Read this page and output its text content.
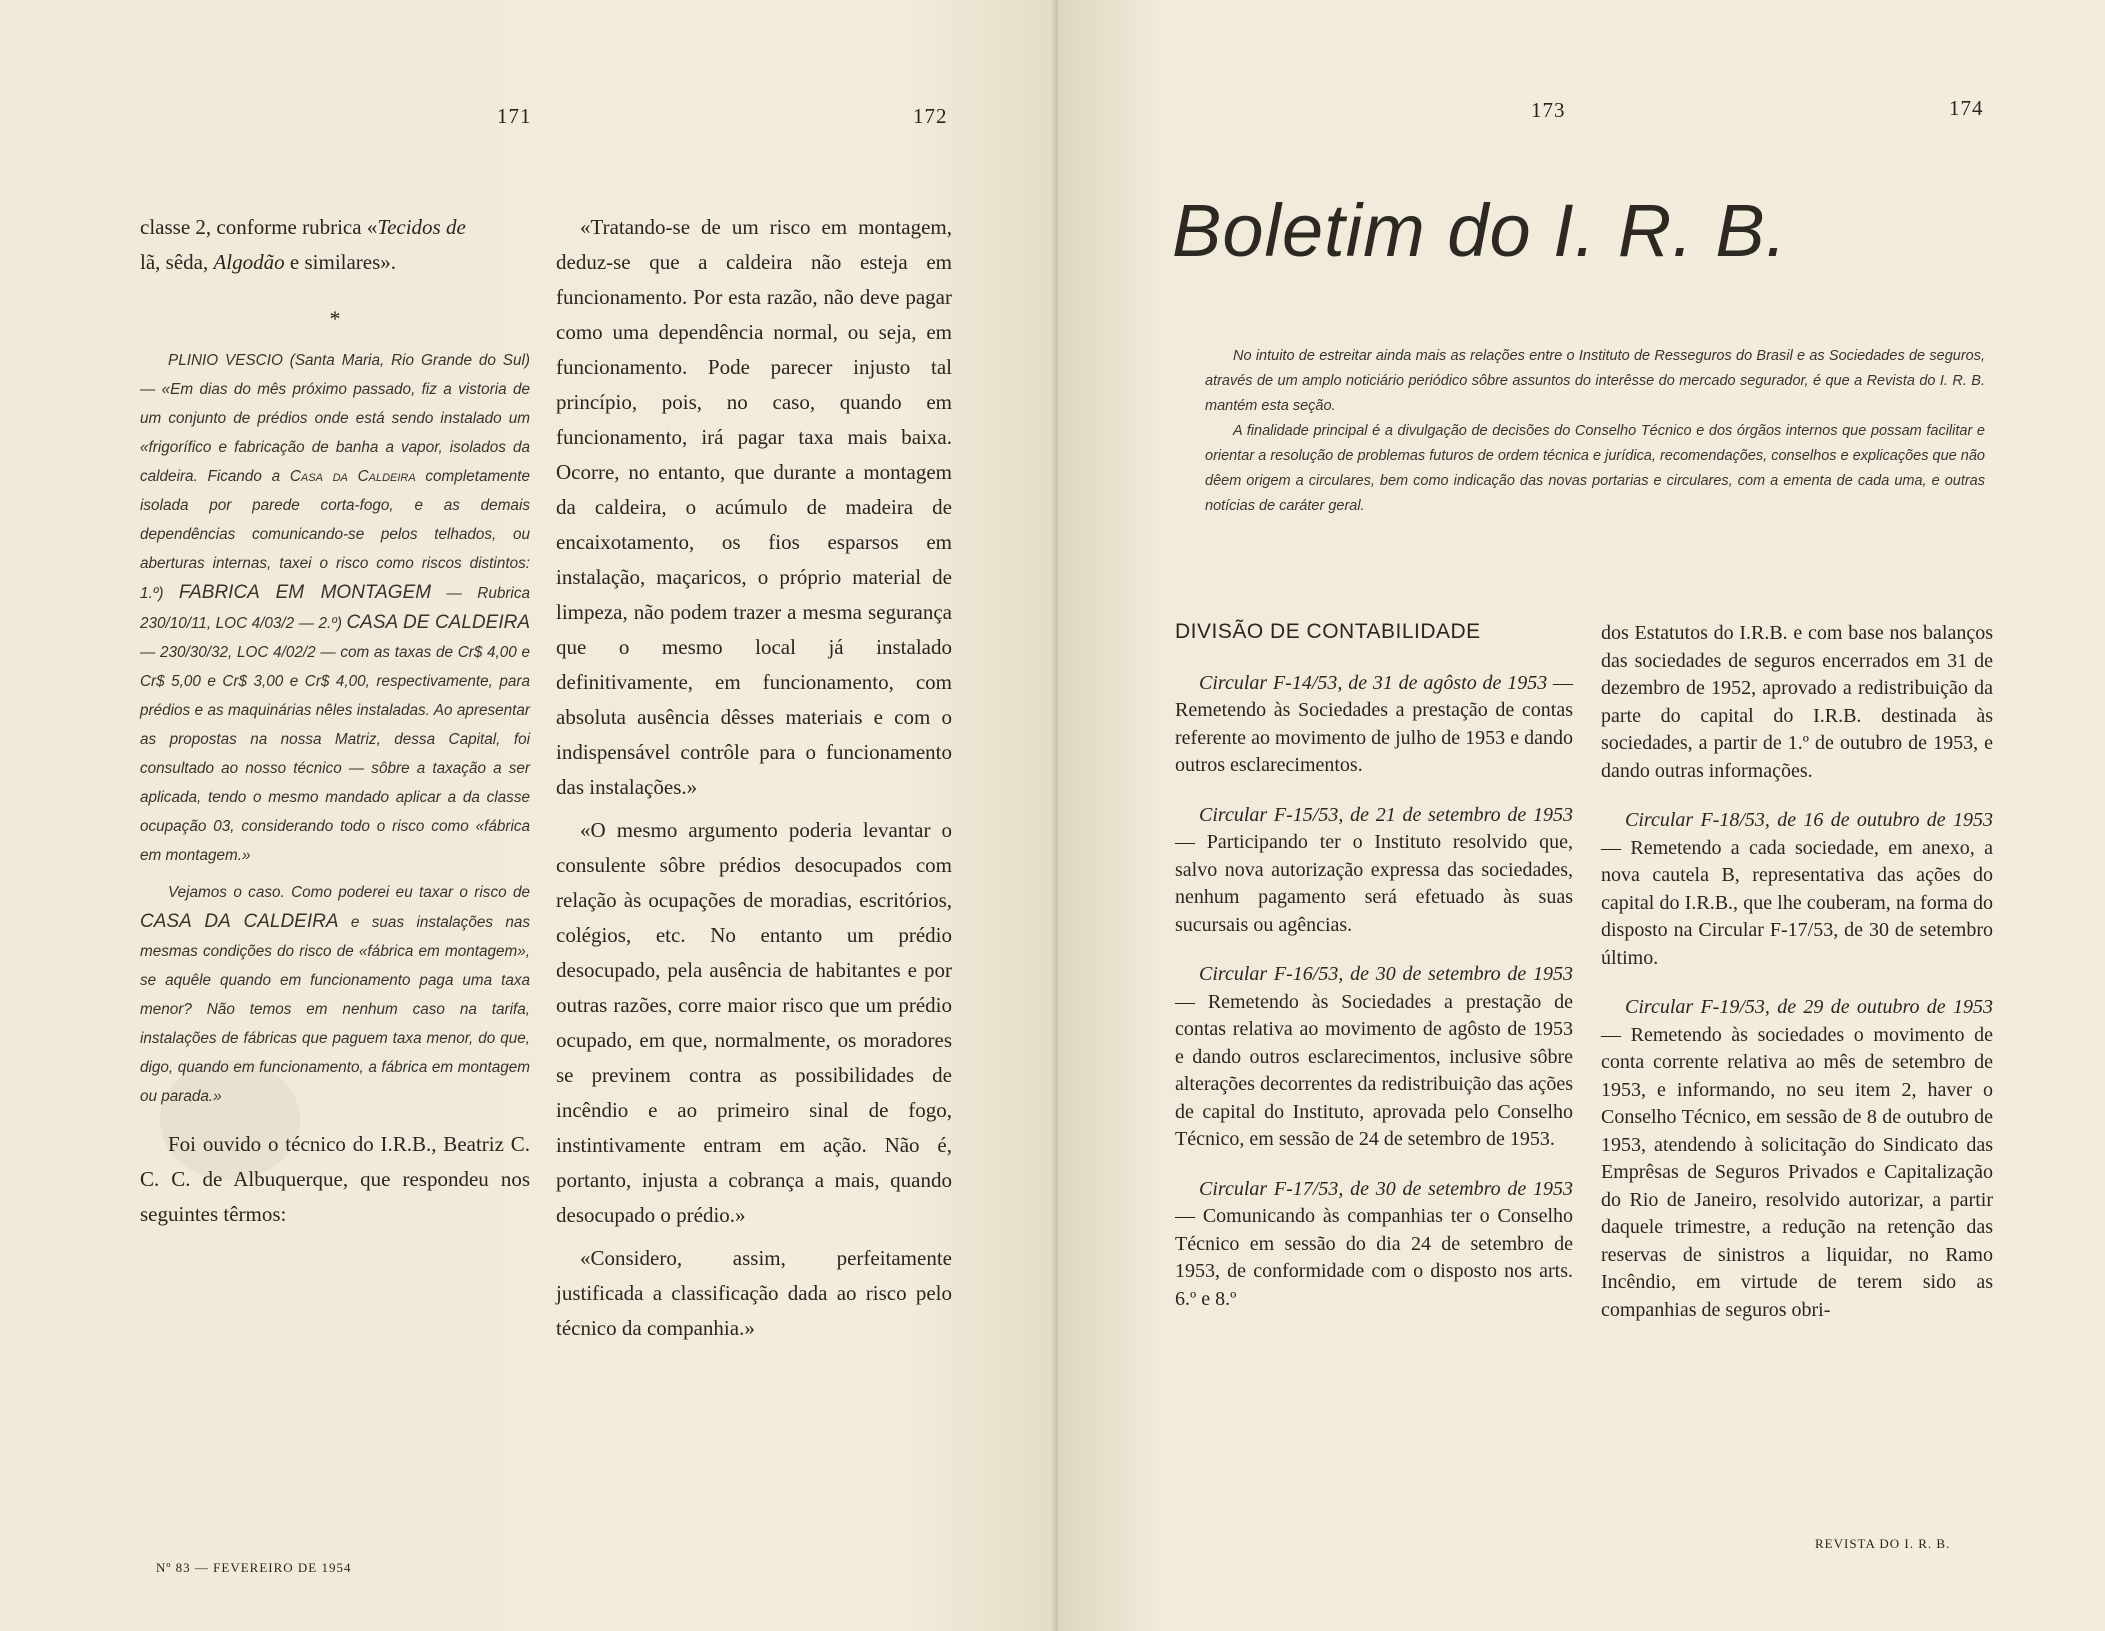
171	172

classe 2, conforme rubrica «Tecidos de
lã, sêda, Algodão e similares».

*

PLINIO VESCIO (Santa Maria, Rio Grande do Sul) — «Em dias do mês próximo passado, fiz a vistoria de um conjunto de prédios onde está sendo instalado um «frigorífico e fabricação de banha a vapor, isolados da caldeira. Ficando a Casa da Caldeira completamente isolada por parede corta-fogo, e as demais dependências comunicando-se pelos telhados, ou aberturas internas, taxei o risco como riscos distintos: 1.º) FABRICA EM MONTAGEM — Rubrica 230/10/11, LOC 4/03/2 — 2.º) CASA DE CALDEIRA — 230/30/32, LOC 4/02/2 — com as taxas de Cr$ 4,00 e Cr$ 5,00 e Cr$ 3,00 e Cr$ 4,00, respectivamente, para prédios e as maquinárias nêles instaladas. Ao apresentar as propostas na nossa Matriz, dessa Capital, foi consultado ao nosso técnico — sôbre a taxação a ser aplicada, tendo o mesmo mandado aplicar a da classe ocupação 03, considerando todo o risco como «fábrica em montagem.»

Vejamos o caso. Como poderei eu taxar o risco de CASA DA CALDEIRA e suas instalações nas mesmas condições do risco de «fábrica em montagem», se aquêle quando em funcionamento paga uma taxa menor? Não temos em nenhum caso na tarifa, instalações de fábricas que paguem taxa menor, do que, digo, quando em funcionamento, a fábrica em montagem ou parada.»

Foi ouvido o técnico do I.R.B., Beatriz C. C. C. de Albuquerque, que respondeu nos seguintes têrmos:

«Tratando-se de um risco em montagem, deduz-se que a caldeira não esteja em funcionamento. Por esta razão, não deve pagar como uma dependência normal, ou seja, em funcionamento. Pode parecer injusto tal princípio, pois, no caso, quando em funcionamento, irá pagar taxa mais baixa. Ocorre, no entanto, que durante a montagem da caldeira, o acúmulo de madeira de encaixotamento, os fios esparsos em instalação, maçaricos, o próprio material de limpeza, não podem trazer a mesma segurança que o mesmo local já instalado definitivamente, em funcionamento, com absoluta ausência dêsses materiais e com o indispensável contrôle para o funcionamento das instalações.»

«O mesmo argumento poderia levantar o consulente sôbre prédios desocupados com relação às ocupações de moradias, escritórios, colégios, etc. No entanto um prédio desocupado, pela ausência de habitantes e por outras razões, corre maior risco que um prédio ocupado, em que, normalmente, os moradores se previnem contra as possibilidades de incêndio e ao primeiro sinal de fogo, instintivamente entram em ação. Não é, portanto, injusta a cobrança a mais, quando desocupado o prédio.»

«Considero, assim, perfeitamente justificada a classificação dada ao risco pelo técnico da companhia.»

Nº 83 — FEVEREIRO DE 1954
173	174
Boletim do I. R. B.

No intuito de estreitar ainda mais as relações entre o Instituto de Resseguros do Brasil e as Sociedades de seguros, através de um amplo noticiário periódico sôbre assuntos do interêsse do mercado segurador, é que a Revista do I. R. B. mantém esta seção.

A finalidade principal é a divulgação de decisões do Conselho Técnico e dos órgãos internos que possam facilitar e orientar a resolução de problemas futuros de ordem técnica e jurídica, recomendações, conselhos e explicações que não dêem origem a circulares, bem como indicação das novas portarias e circulares, com a ementa de cada uma, e outras notícias de caráter geral.

DIVISÃO DE CONTABILIDADE

Circular F-14/53, de 31 de agôsto de 1953 — Remetendo às Sociedades a prestação de contas referente ao movimento de julho de 1953 e dando outros esclarecimentos.

Circular F-15/53, de 21 de setembro de 1953 — Participando ter o Instituto resolvido que, salvo nova autorização expressa das sociedades, nenhum pagamento será efetuado às suas sucursais ou agências.

Circular F-16/53, de 30 de setembro de 1953 — Remetendo às Sociedades a prestação de contas relativa ao movimento de agôsto de 1953 e dando outros esclarecimentos, inclusive sôbre alterações decorrentes da redistribuição das ações de capital do Instituto, aprovada pelo Conselho Técnico, em sessão de 24 de setembro de 1953.

Circular F-17/53, de 30 de setembro de 1953 — Comunicando às companhias ter o Conselho Técnico em sessão do dia 24 de setembro de 1953, de conformidade com o disposto nos arts. 6.º e 8.º

dos Estatutos do I.R.B. e com base nos balanços das sociedades de seguros encerrados em 31 de dezembro de 1952, aprovado a redistribuição da parte do capital do I.R.B. destinada às sociedades, a partir de 1.º de outubro de 1953, e dando outras informações.

Circular F-18/53, de 16 de outubro de 1953 — Remetendo a cada sociedade, em anexo, a nova cautela B, representativa das ações do capital do I.R.B., que lhe couberam, na forma do disposto na Circular F-17/53, de 30 de setembro último.

Circular F-19/53, de 29 de outubro de 1953 — Remetendo às sociedades o movimento de conta corrente relativa ao mês de setembro de 1953, e informando, no seu item 2, haver o Conselho Técnico, em sessão de 8 de outubro de 1953, atendendo à solicitação do Sindicato das Emprêsas de Seguros Privados e Capitalização do Rio de Janeiro, resolvido autorizar, a partir daquele trimestre, a redução na retenção das reservas de sinistros a liquidar, no Ramo Incêndio, em virtude de terem sido as companhias de seguros obri-

REVISTA DO I. R. B.
